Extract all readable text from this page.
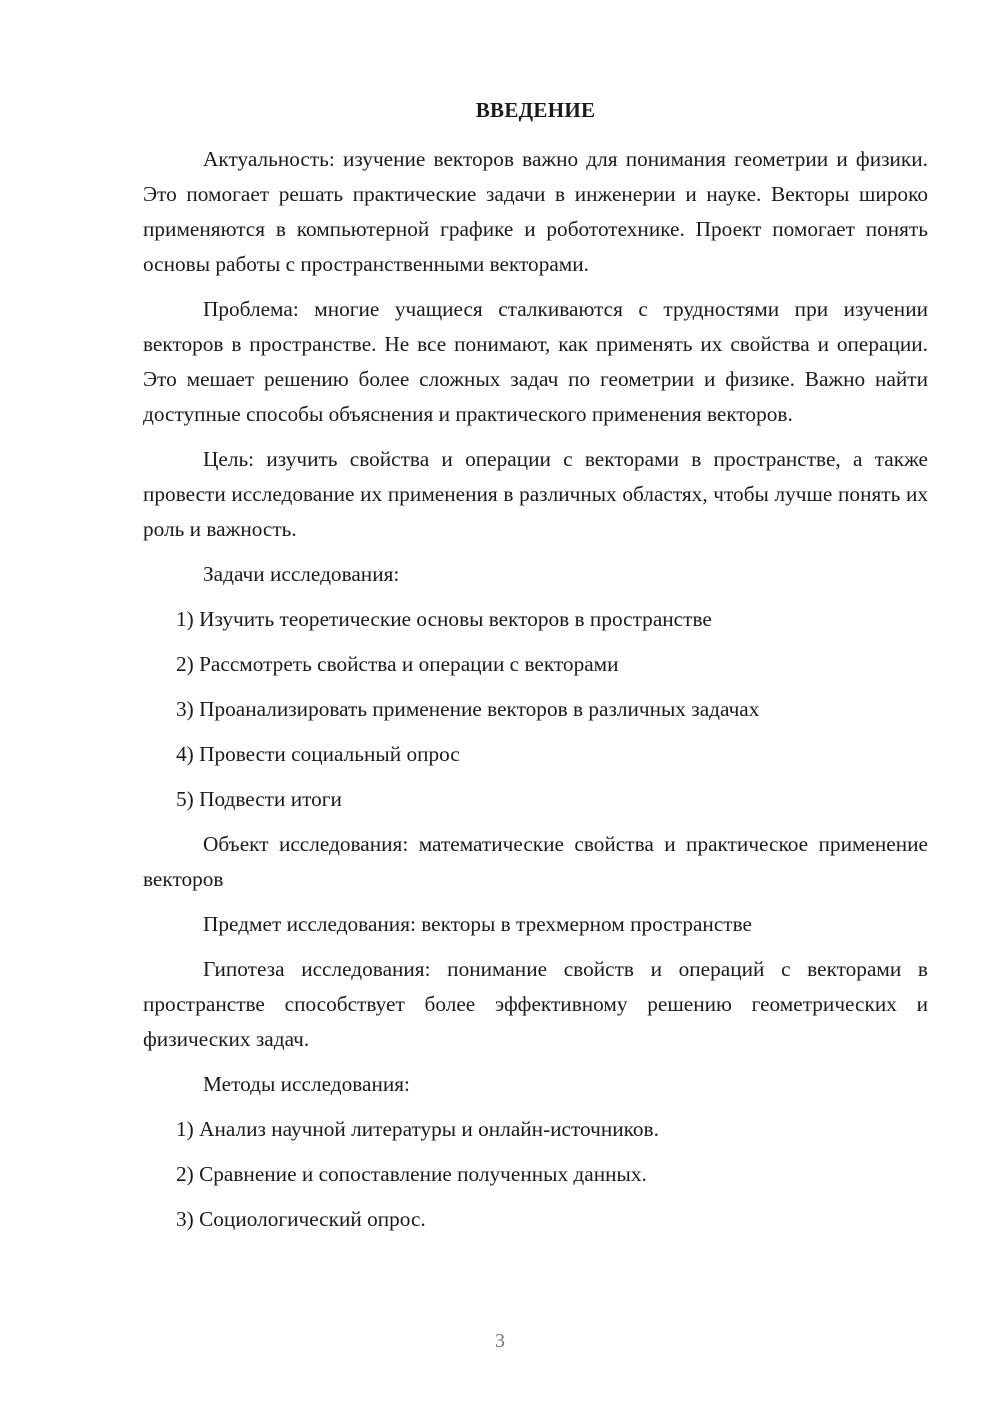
ВВЕДЕНИЕ

Актуальность: изучение векторов важно для понимания геометрии и физики. Это помогает решать практические задачи в инженерии и науке. Векторы широко применяются в компьютерной графике и робототехнике. Проект помогает понять основы работы с пространственными векторами.

Проблема: многие учащиеся сталкиваются с трудностями при изучении векторов в пространстве. Не все понимают, как применять их свойства и операции. Это мешает решению более сложных задач по геометрии и физике. Важно найти доступные способы объяснения и практического применения векторов.

Цель: изучить свойства и операции с векторами в пространстве, а также провести исследование их применения в различных областях, чтобы лучше понять их роль и важность.

Задачи исследования:

1) Изучить теоретические основы векторов в пространстве

2) Рассмотреть свойства и операции с векторами

3) Проанализировать применение векторов в различных задачах

4) Провести социальный опрос

5) Подвести итоги

Объект исследования: математические свойства и практическое применение векторов

Предмет исследования: векторы в трехмерном пространстве

Гипотеза исследования: понимание свойств и операций с векторами в пространстве способствует более эффективному решению геометрических и физических задач.

Методы исследования:

1) Анализ научной литературы и онлайн-источников.

2) Сравнение и сопоставление полученных данных.

3) Социологический опрос.

3
